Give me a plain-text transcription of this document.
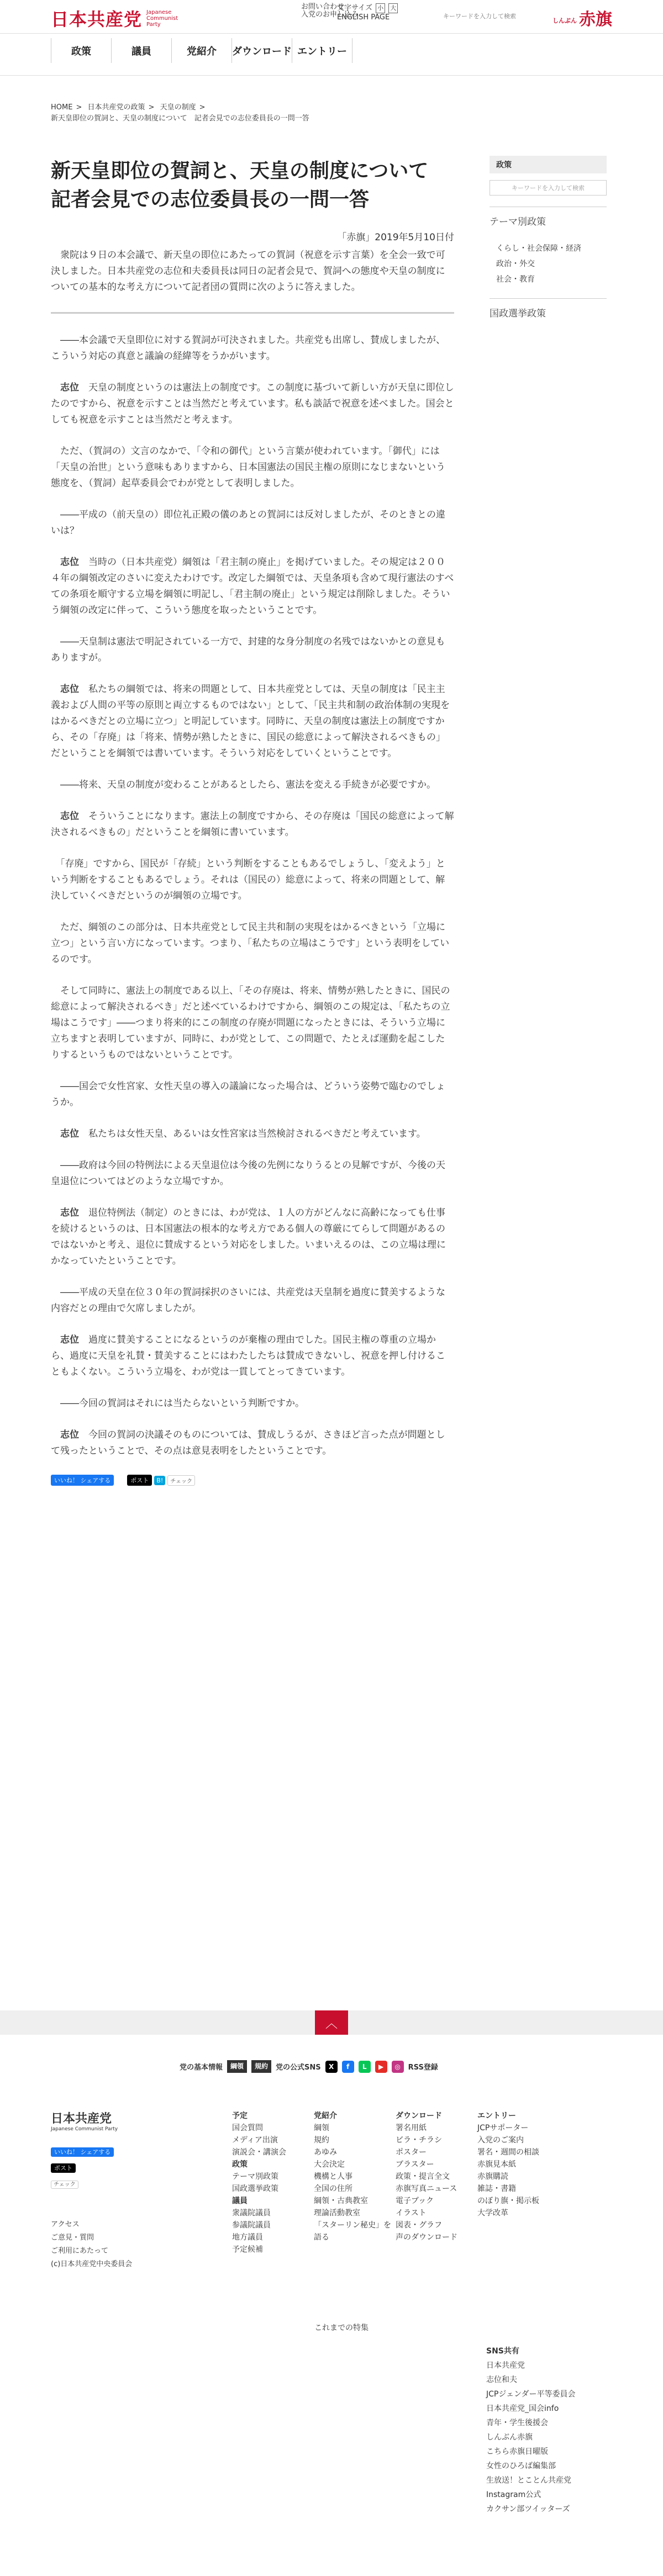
日本共産党 Japanese
Communist
Party
お問い合わせ
入党のお申し込み
文字サイズ 小 大
ENGLISH PAGE
キーワードを入力して検索	しんぶん 赤旗
政策	議員	党紹介	ダウンロード エントリー
HOME > 日本共産党の政策 > 天皇の制度 >
新天皇即位の賀詞と、天皇の制度について　記者会見での志位委員長の一問一答
新天皇即位の賀詞と、天皇の制度について　記者会見での志位委員長の一問一答
「赤旗」2019年5月10日付

　衆院は９日の本会議で、新天皇の即位にあたっての賀詞（祝意を示す言葉）を全会一致で可決しました。日本共産党の志位和夫委員長は同日の記者会見で、賀詞への態度や天皇の制度についての基本的な考え方について記者団の質問に次のように答えました。

　――本会議で天皇即位に対する賀詞が可決されました。共産党も出席し、賛成しましたが、こういう対応の真意と議論の経緯等をうかがいます。

　志位　 天皇の制度というのは憲法上の制度です。この制度に基づいて新しい方が天皇に即位したのですから、祝意を示すことは当然だと考えています。私も談話で祝意を述べました。国会としても祝意を示すことは当然だと考えます。

　ただ、（賀詞の）文言のなかで、「令和の御代」という言葉が使われています。「御代」には「天皇の治世」という意味もありますから、日本国憲法の国民主権の原則になじまないという態度を、（賀詞）起草委員会でわが党として表明しました。

　――平成の（前天皇の）即位礼正殿の儀のあとの賀詞には反対しましたが、そのときとの違いは？

　志位　 当時の（日本共産党）綱領は「君主制の廃止」を掲げていました。その規定は２００４年の綱領改定のさいに変えたわけです。改定した綱領では、天皇条項も含めて現行憲法のすべての条項を順守する立場を綱領に明記し、「君主制の廃止」という規定は削除しました。そういう綱領の改定に伴って、こういう態度を取ったということです。

　――天皇制は憲法で明記されている一方で、封建的な身分制度の名残ではないかとの意見もありますが。

　志位　 私たちの綱領では、将来の問題として、日本共産党としては、天皇の制度は「民主主義および人間の平等の原則と両立するものではない」として、「民主共和制の政治体制の実現をはかるべきだとの立場に立つ」と明記しています。同時に、天皇の制度は憲法上の制度ですから、その「存廃」は「将来、情勢が熟したときに、国民の総意によって解決されるべきもの」だということを綱領では書いています。そういう対応をしていくということです。

　――将来、天皇の制度が変わることがあるとしたら、憲法を変える手続きが必要ですか。

　志位　 そういうことになります。憲法上の制度ですから、その存廃は「国民の総意によって解決されるべきもの」だということを綱領に書いています。

　「存廃」ですから、国民が「存続」という判断をすることもあるでしょうし、「変えよう」という判断をすることもあるでしょう。それは（国民の）総意によって、将来の問題として、解決していくべきだというのが綱領の立場です。

　ただ、綱領のこの部分は、日本共産党として民主共和制の実現をはかるべきという「立場に立つ」という言い方になっています。つまり、「私たちの立場はこうです」という表明をしているのです。

　そして同時に、憲法上の制度である以上、「その存廃は、将来、情勢が熟したときに、国民の総意によって解決されるべき」だと述べているわけですから、綱領のこの規定は、「私たちの立場はこうです」――つまり将来的にこの制度の存廃が問題になったときには、そういう立場に立ちますと表明していますが、同時に、わが党として、この問題で、たとえば運動を起こしたりするというものではないということです。

　――国会で女性宮家、女性天皇の導入の議論になった場合は、どういう姿勢で臨むのでしょうか。

　志位　 私たちは女性天皇、あるいは女性宮家は当然検討されるべきだと考えています。

　――政府は今回の特例法による天皇退位は今後の先例になりうるとの見解ですが、今後の天皇退位についてはどのような立場ですか。

　志位　 退位特例法（制定）のときには、わが党は、１人の方がどんなに高齢になっても仕事を続けるというのは、日本国憲法の根本的な考え方である個人の尊厳にてらして問題があるのではないかと考え、退位に賛成するという対応をしました。いまいえるのは、この立場は理にかなっていたということです。

　――平成の天皇在位３０年の賀詞採択のさいには、共産党は天皇制を過度に賛美するような内容だとの理由で欠席しましたが。

　志位　 過度に賛美することになるというのが棄権の理由でした。国民主権の尊重の立場から、過度に天皇を礼賛・賛美することにはわたしたちは賛成できないし、祝意を押し付けることもよくない。こういう立場を、わが党は一貫してとってきています。

　――今回の賀詞はそれには当たらないという判断ですか。

　志位　 今回の賀詞の決議そのものについては、賛成しうるが、さきほど言った点が問題として残ったということで、その点は意見表明をしたということです。

いいね！ シェアする	ポスト	B!	チェック
政策
キーワードを入力して検索
テーマ別政策
くらし・社会保障・経済
政治・外交
社会・教育
国政選挙政策
︿
党の基本情報	綱領	規約	党の公式SNS	X	f	L	▶	◎	RSS登録
日本共産党
Japanese Communist Party
いいね！ シェアする

ポスト

チェック
アクセス
ご意見・質問
ご利用にあたって
(c)日本共産党中央委員会
予定
国会質問
メディア出演
演説会・講演会
政策
テーマ別政策
国政選挙政策
議員
衆議院議員
参議院議員
地方議員
予定候補
党紹介
綱領
規約
あゆみ
大会決定
機構と人事
全国の住所
綱領・古典教室
理論活動教室
「スターリン秘史」を語る
ダウンロード
署名用紙
ビラ・チラシ
ポスター
ブラスター
政策・提言全文
赤旗写真ニュース
電子ブック
イラスト
図表・グラフ
声のダウンロード
エントリー
JCPサポーター
入党のご案内
署名・週間の相談
赤旗見本紙
赤旗購読
雑誌・書籍
のぼり旗・掲示板
大学改革
これまでの特集
SNS共有
日本共産党
志位和夫
JCPジェンダー平等委員会
日本共産党_国会info
青年・学生後援会
しんぶん赤旗
こちら赤旗日曜版
女性のひろば編集部
生放送！とことん共産党
Instagram公式
カクサン部ツイッターズ
